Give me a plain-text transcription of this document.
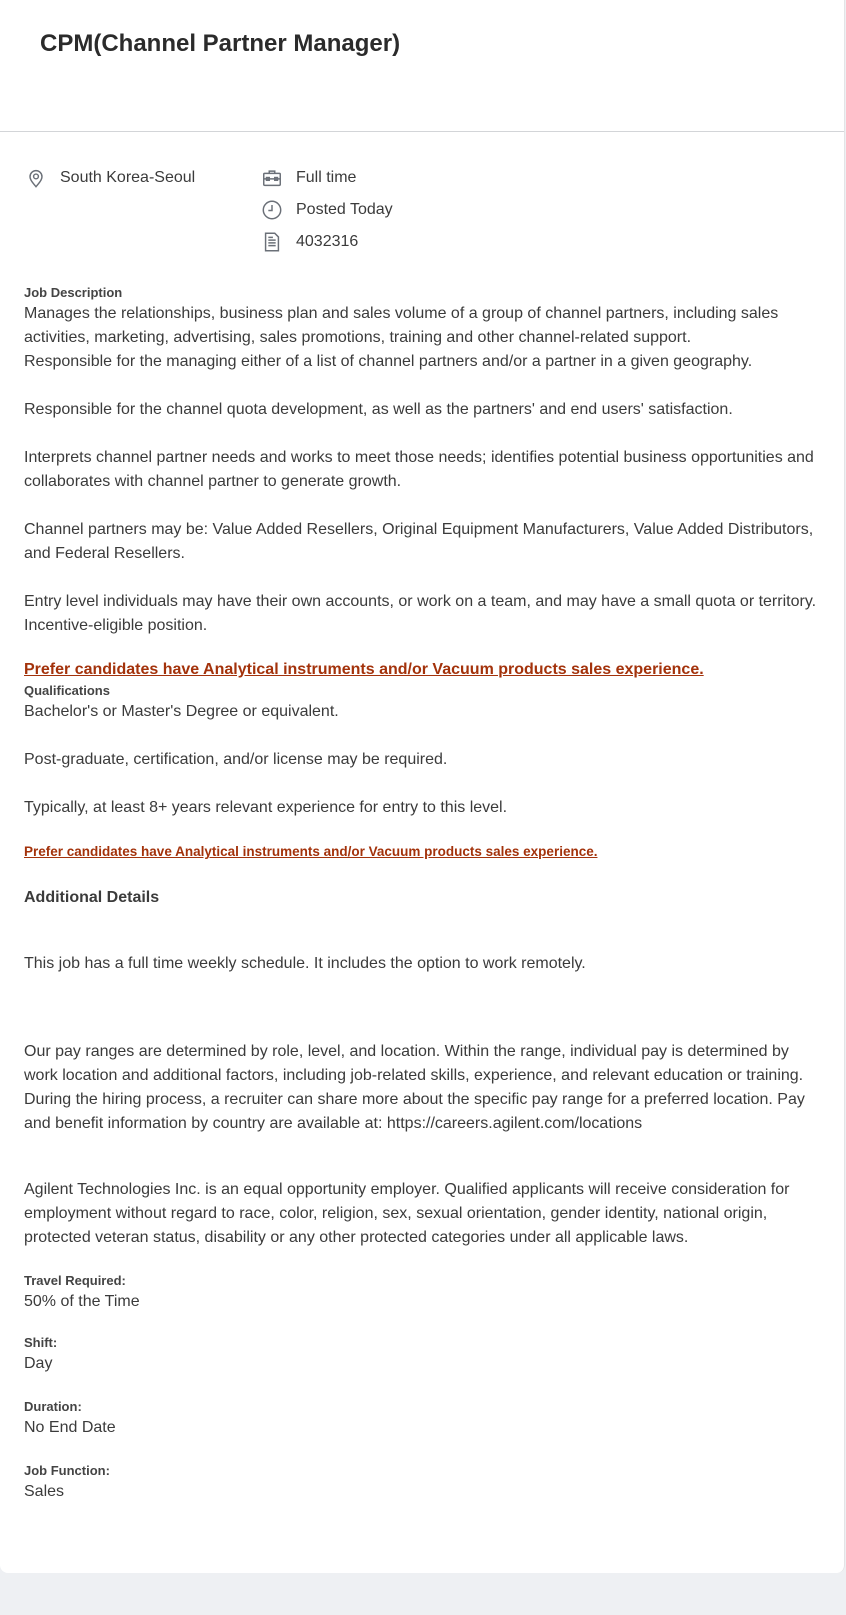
CPM(Channel Partner Manager)
South Korea-Seoul	Full time
Posted Today
4032316

Job Description

Manages the relationships, business plan and sales volume of a group of channel partners, including sales activities, marketing, advertising, sales promotions, training and other channel-related support.

Responsible for the managing either of a list of channel partners and/or a partner in a given geography.

Responsible for the channel quota development, as well as the partners' and end users' satisfaction.

Interprets channel partner needs and works to meet those needs; identifies potential business opportunities and collaborates with channel partner to generate growth.

Channel partners may be: Value Added Resellers, Original Equipment Manufacturers, Value Added Distributors, and Federal Resellers.

Entry level individuals may have their own accounts, or work on a team, and may have a small quota or territory. Incentive-eligible position.

Prefer candidates have Analytical instruments and/or Vacuum products sales experience.

Qualifications

Bachelor's or Master's Degree or equivalent.

Post-graduate, certification, and/or license may be required.

Typically, at least 8+ years relevant experience for entry to this level.

Prefer candidates have Analytical instruments and/or Vacuum products sales experience.

Additional Details

This job has a full time weekly schedule. It includes the option to work remotely.

Our pay ranges are determined by role, level, and location. Within the range, individual pay is determined by work location and additional factors, including job-related skills, experience, and relevant education or training. During the hiring process, a recruiter can share more about the specific pay range for a preferred location. Pay and benefit information by country are available at: https://careers.agilent.com/locations

Agilent Technologies Inc. is an equal opportunity employer. Qualified applicants will receive consideration for employment without regard to race, color, religion, sex, sexual orientation, gender identity, national origin, protected veteran status, disability or any other protected categories under all applicable laws.

Travel Required:

50% of the Time

Shift:

Day

Duration:

No End Date

Job Function:

Sales
